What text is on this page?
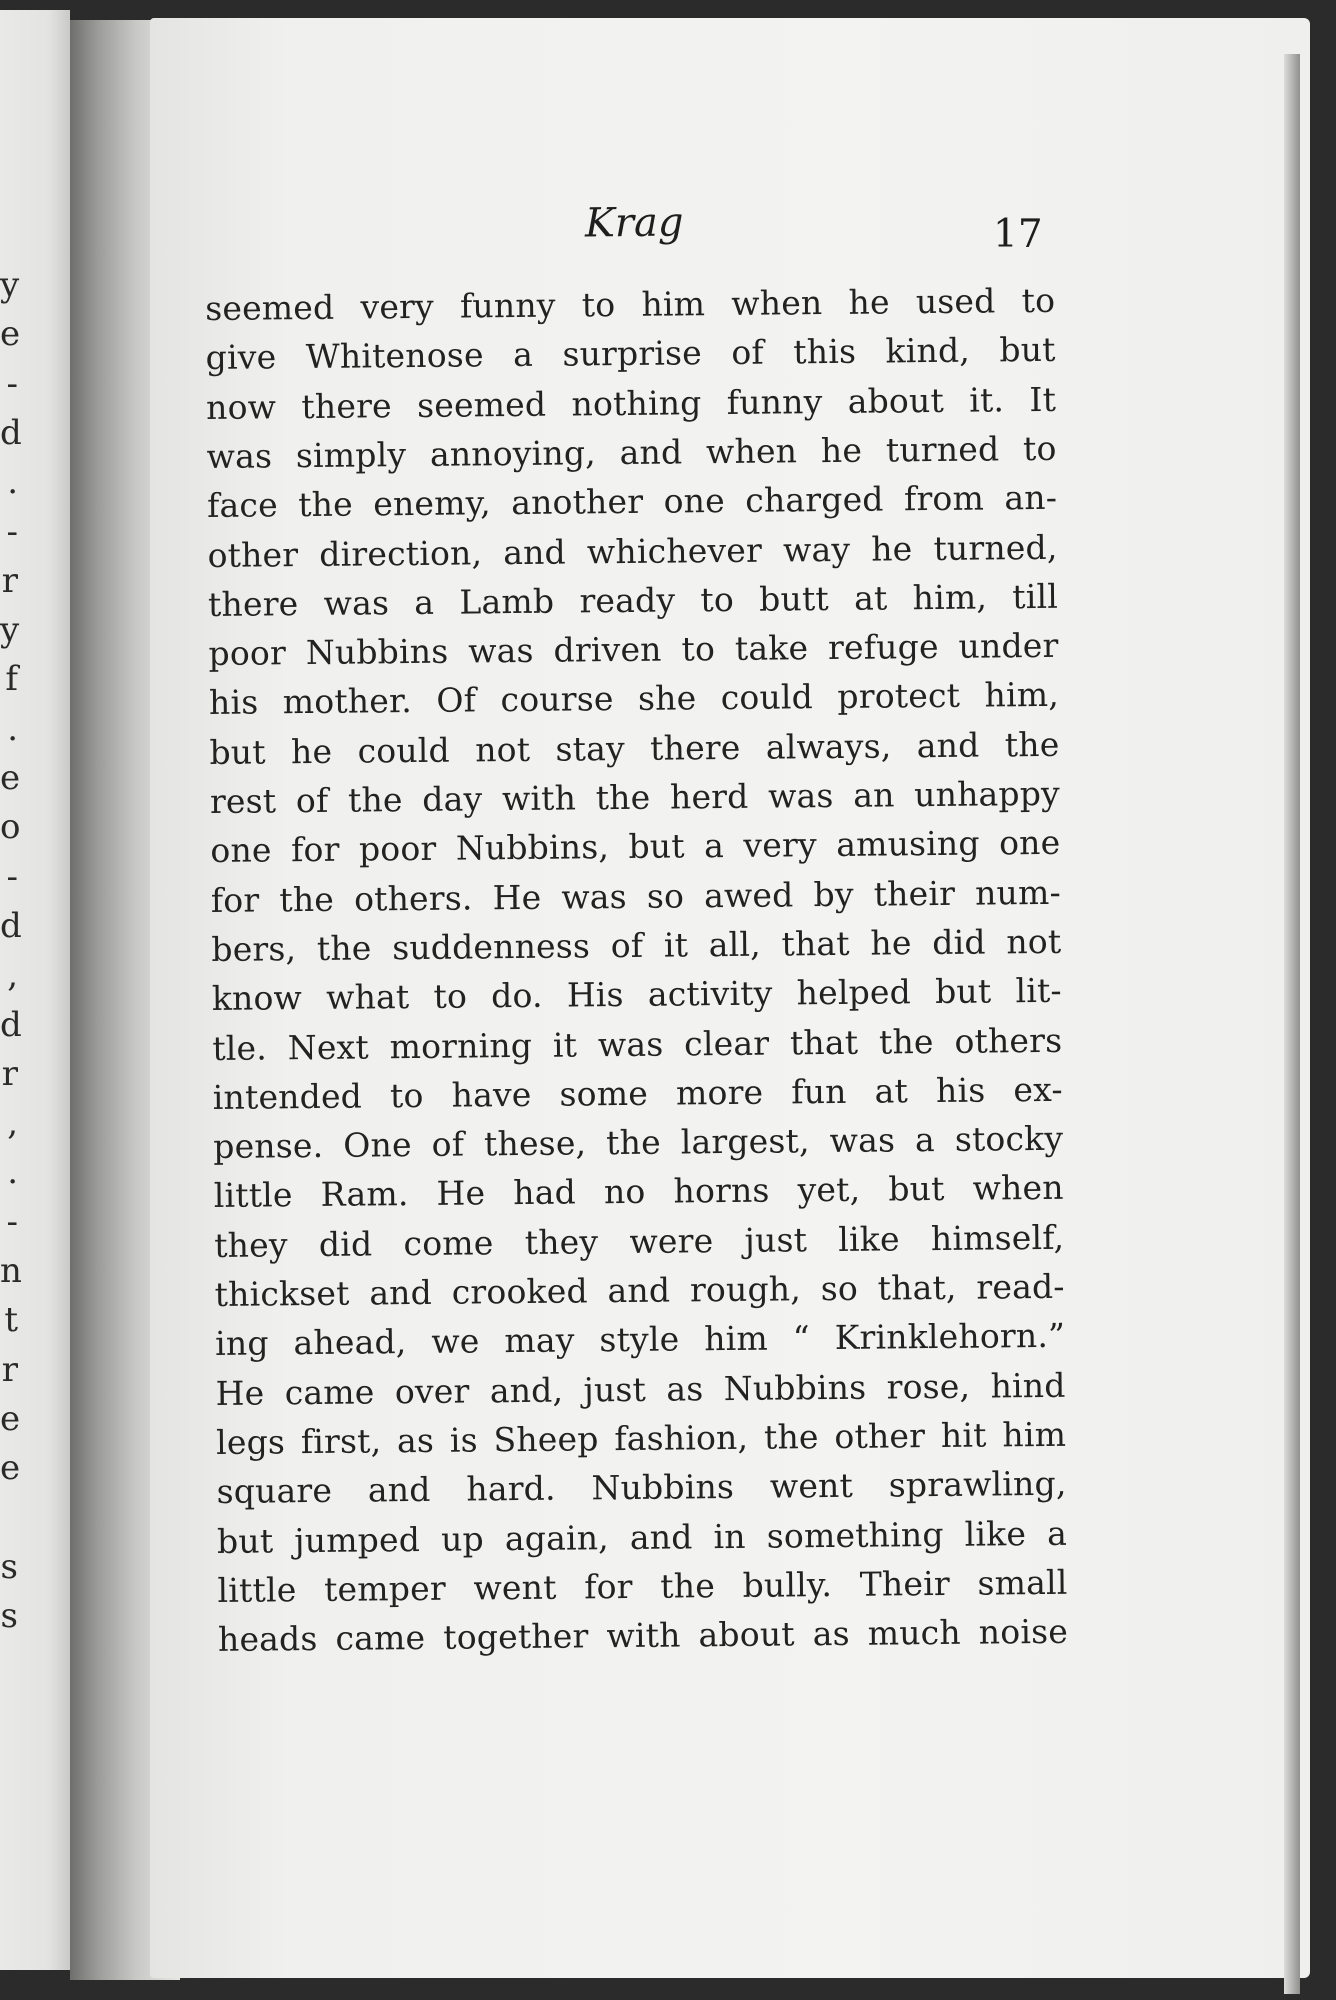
y
e
-
d
.
-
r
y
f
.
e
o
-
d
,
d
r
,
.
-
n
t
r
e
e
s
s
Krag	17
seemed very funny to him when he used to
give Whitenose a surprise of this kind, but
now there seemed nothing funny about it. It
was simply annoying, and when he turned to
face the enemy, another one charged from an-
other direction, and whichever way he turned,
there was a Lamb ready to butt at him, till
poor Nubbins was driven to take refuge under
his mother. Of course she could protect him,
but he could not stay there always, and the
rest of the day with the herd was an unhappy
one for poor Nubbins, but a very amusing one
for the others. He was so awed by their num-
bers, the suddenness of it all, that he did not
know what to do. His activity helped but lit-
tle. Next morning it was clear that the others
intended to have some more fun at his ex-
pense. One of these, the largest, was a stocky
little Ram. He had no horns yet, but when
they did come they were just like himself,
thickset and crooked and rough, so that, read-
ing ahead, we may style him “ Krinklehorn.”
He came over and, just as Nubbins rose, hind
legs first, as is Sheep fashion, the other hit him
square and hard. Nubbins went sprawling,
but jumped up again, and in something like a
little temper went for the bully. Their small
heads came together with about as much noise
